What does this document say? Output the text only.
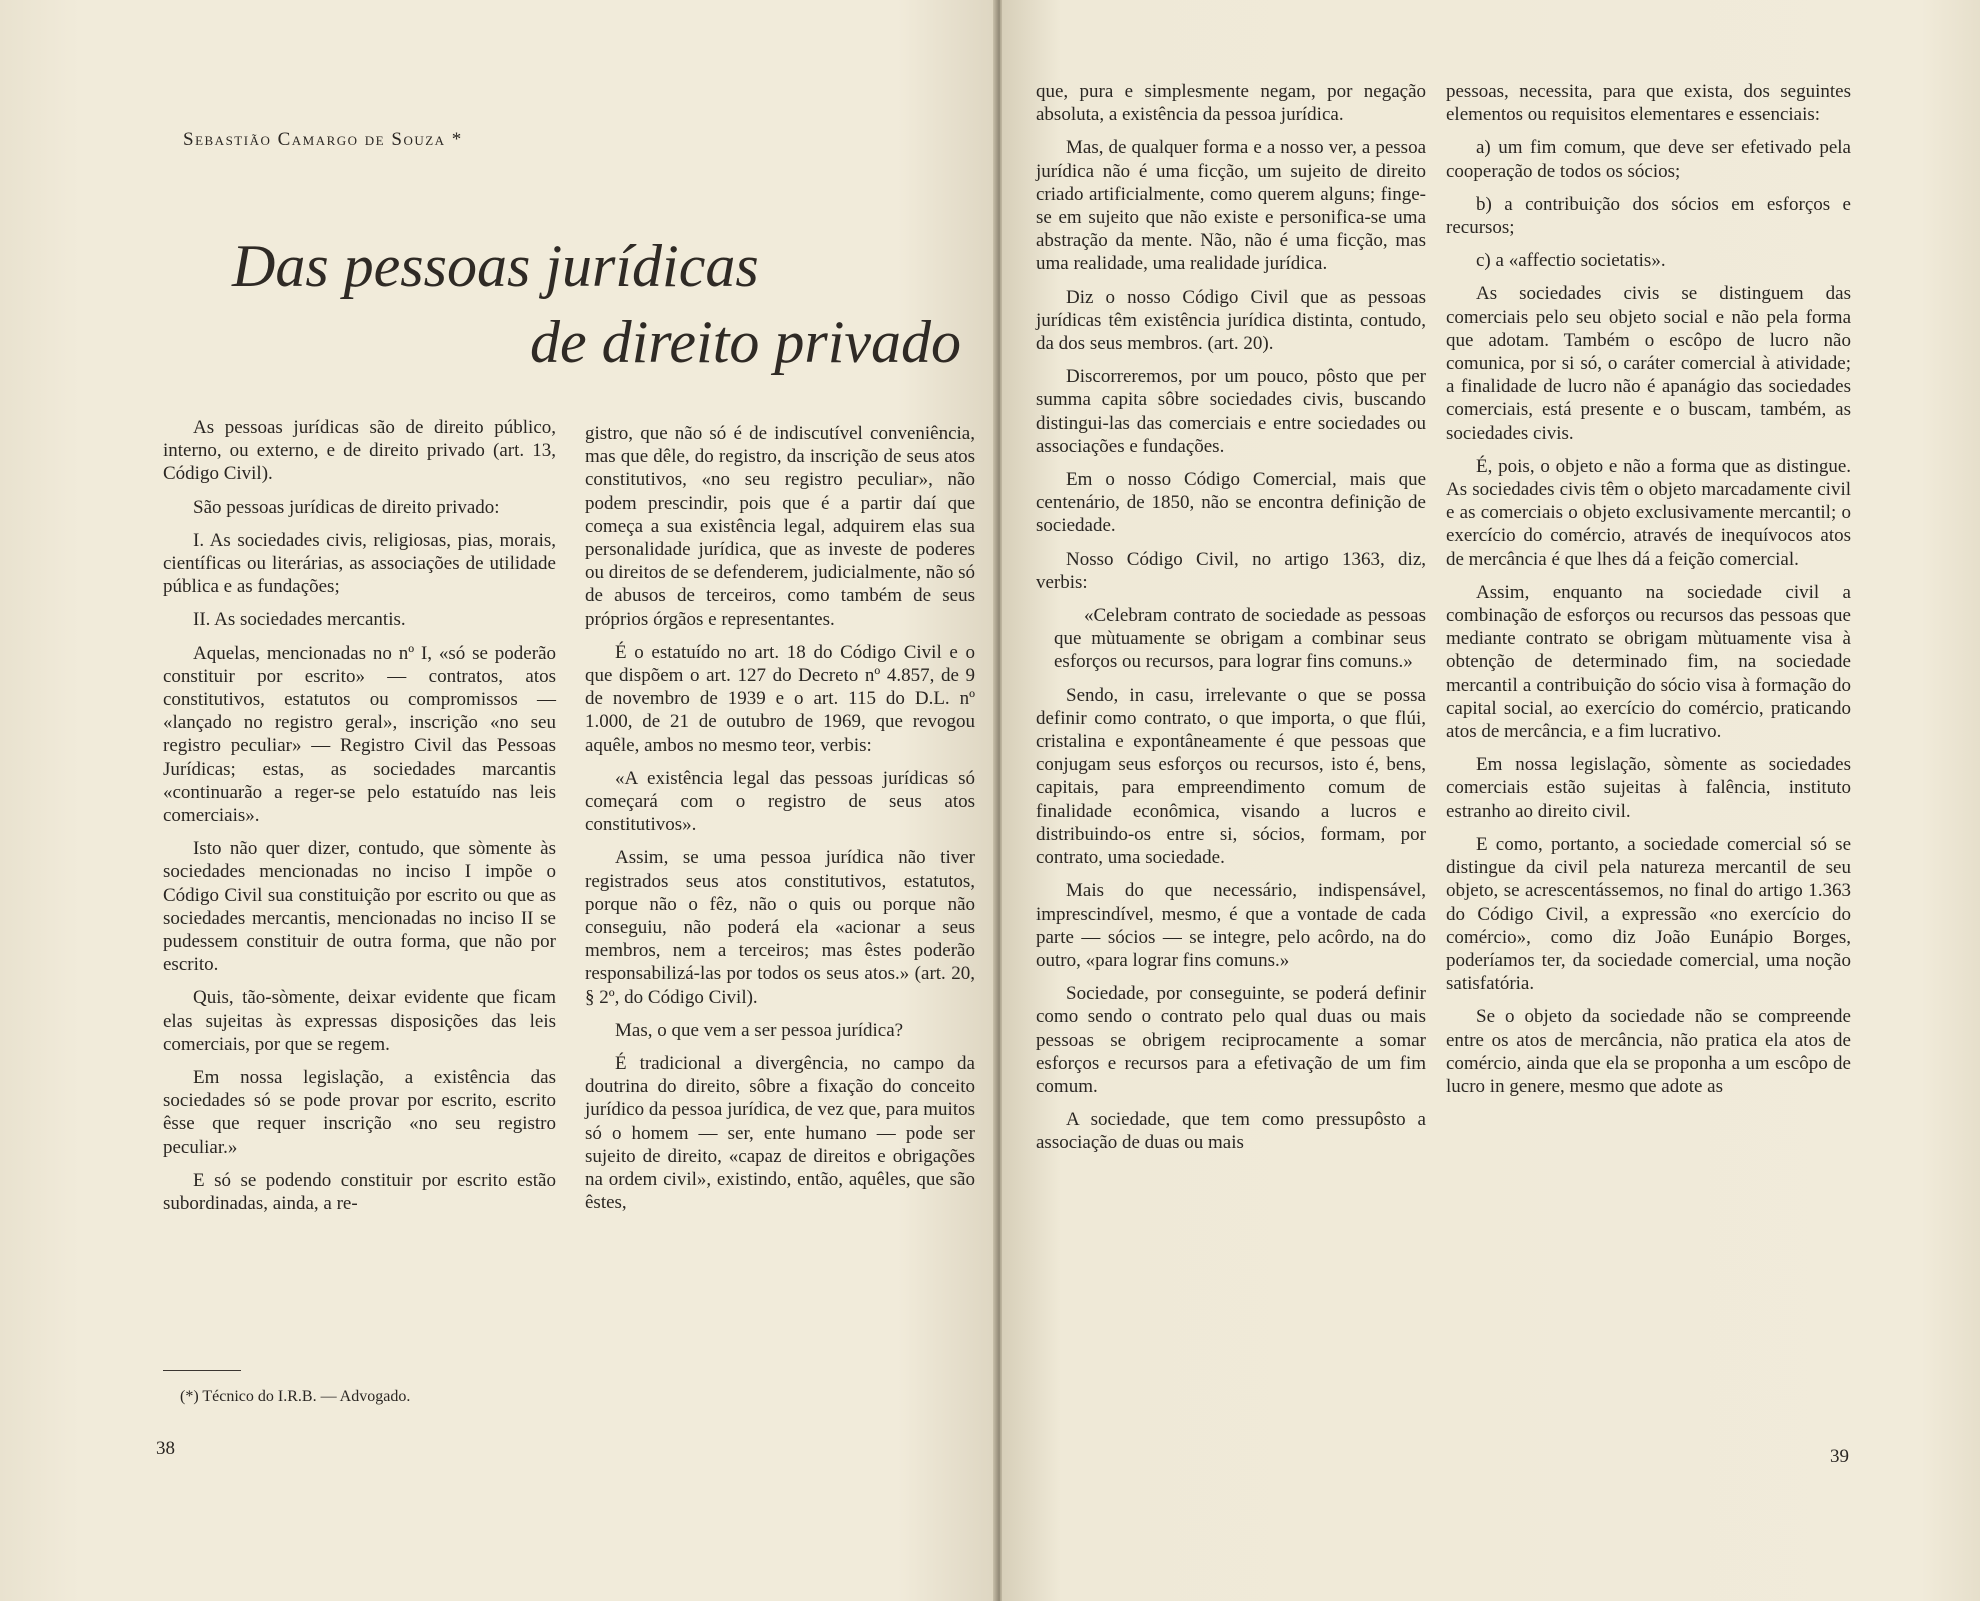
Sebastião Camargo de Souza *
Das pessoas jurídicas
de direito privado

As pessoas jurídicas são de direito público, interno, ou externo, e de direito privado (art. 13, Código Civil).

São pessoas jurídicas de direito privado:

I. As sociedades civis, religiosas, pias, morais, científicas ou literárias, as associações de utilidade pública e as fundações;

II. As sociedades mercantis.

Aquelas, mencionadas no nº I, «só se poderão constituir por escrito» — contratos, atos constitutivos, estatutos ou compromissos — «lançado no registro geral», inscrição «no seu registro peculiar» — Registro Civil das Pessoas Jurídicas; estas, as sociedades marcantis «continuarão a reger-se pelo estatuído nas leis comerciais».

Isto não quer dizer, contudo, que sòmente às sociedades mencionadas no inciso I impõe o Código Civil sua constituição por escrito ou que as sociedades mercantis, mencionadas no inciso II se pudessem constituir de outra forma, que não por escrito.

Quis, tão-sòmente, deixar evidente que ficam elas sujeitas às expressas disposições das leis comerciais, por que se regem.

Em nossa legislação, a existência das sociedades só se pode provar por escrito, escrito êsse que requer inscrição «no seu registro peculiar.»

E só se podendo constituir por escrito estão subordinadas, ainda, a re-

gistro, que não só é de indiscutível conveniência, mas que dêle, do registro, da inscrição de seus atos constitutivos, «no seu registro peculiar», não podem prescindir, pois que é a partir daí que começa a sua existência legal, adquirem elas sua personalidade jurídica, que as investe de poderes ou direitos de se defenderem, judicialmente, não só de abusos de terceiros, como também de seus próprios órgãos e representantes.

É o estatuído no art. 18 do Código Civil e o que dispõem o art. 127 do Decreto nº 4.857, de 9 de novembro de 1939 e o art. 115 do D.L. nº 1.000, de 21 de outubro de 1969, que revogou aquêle, ambos no mesmo teor, verbis:

«A existência legal das pessoas jurídicas só começará com o registro de seus atos constitutivos».

Assim, se uma pessoa jurídica não tiver registrados seus atos constitutivos, estatutos, porque não o fêz, não o quis ou porque não conseguiu, não poderá ela «acionar a seus membros, nem a terceiros; mas êstes poderão responsabilizá-las por todos os seus atos.» (art. 20, § 2º, do Código Civil).

Mas, o que vem a ser pessoa jurídica?

É tradicional a divergência, no campo da doutrina do direito, sôbre a fixação do conceito jurídico da pessoa jurídica, de vez que, para muitos só o homem — ser, ente humano — pode ser sujeito de direito, «capaz de direitos e obrigações na ordem civil», existindo, então, aquêles, que são êstes,

(*) Técnico do I.R.B. — Advogado.
38

que, pura e simplesmente negam, por negação absoluta, a existência da pessoa jurídica.

Mas, de qualquer forma e a nosso ver, a pessoa jurídica não é uma ficção, um sujeito de direito criado artificialmente, como querem alguns; finge-se em sujeito que não existe e personifica-se uma abstração da mente. Não, não é uma ficção, mas uma realidade, uma realidade jurídica.

Diz o nosso Código Civil que as pessoas jurídicas têm existência jurídica distinta, contudo, da dos seus membros. (art. 20).

Discorreremos, por um pouco, pôsto que per summa capita sôbre sociedades civis, buscando distingui-las das comerciais e entre sociedades ou associações e fundações.

Em o nosso Código Comercial, mais que centenário, de 1850, não se encontra definição de sociedade.

Nosso Código Civil, no artigo 1363, diz, verbis:

«Celebram contrato de sociedade as pessoas que mùtuamente se obrigam a combinar seus esforços ou recursos, para lograr fins comuns.»

Sendo, in casu, irrelevante o que se possa definir como contrato, o que importa, o que flúi, cristalina e expontâneamente é que pessoas que conjugam seus esforços ou recursos, isto é, bens, capitais, para empreendimento comum de finalidade econômica, visando a lucros e distribuindo-os entre si, sócios, formam, por contrato, uma sociedade.

Mais do que necessário, indispensável, imprescindível, mesmo, é que a vontade de cada parte — sócios — se integre, pelo acôrdo, na do outro, «para lograr fins comuns.»

Sociedade, por conseguinte, se poderá definir como sendo o contrato pelo qual duas ou mais pessoas se obrigem reciprocamente a somar esforços e recursos para a efetivação de um fim comum.

A sociedade, que tem como pressupôsto a associação de duas ou mais

pessoas, necessita, para que exista, dos seguintes elementos ou requisitos elementares e essenciais:

a) um fim comum, que deve ser efetivado pela cooperação de todos os sócios;

b) a contribuição dos sócios em esforços e recursos;

c) a «affectio societatis».

As sociedades civis se distinguem das comerciais pelo seu objeto social e não pela forma que adotam. Também o escôpo de lucro não comunica, por si só, o caráter comercial à atividade; a finalidade de lucro não é apanágio das sociedades comerciais, está presente e o buscam, também, as sociedades civis.

É, pois, o objeto e não a forma que as distingue. As sociedades civis têm o objeto marcadamente civil e as comerciais o objeto exclusivamente mercantil; o exercício do comércio, através de inequívocos atos de mercância é que lhes dá a feição comercial.

Assim, enquanto na sociedade civil a combinação de esforços ou recursos das pessoas que mediante contrato se obrigam mùtuamente visa à obtenção de determinado fim, na sociedade mercantil a contribuição do sócio visa à formação do capital social, ao exercício do comércio, praticando atos de mercância, e a fim lucrativo.

Em nossa legislação, sòmente as sociedades comerciais estão sujeitas à falência, instituto estranho ao direito civil.

E como, portanto, a sociedade comercial só se distingue da civil pela natureza mercantil de seu objeto, se acrescentássemos, no final do artigo 1.363 do Código Civil, a expressão «no exercício do comércio», como diz João Eunápio Borges, poderíamos ter, da sociedade comercial, uma noção satisfatória.

Se o objeto da sociedade não se compreende entre os atos de mercância, não pratica ela atos de comércio, ainda que ela se proponha a um escôpo de lucro in genere, mesmo que adote as

39
